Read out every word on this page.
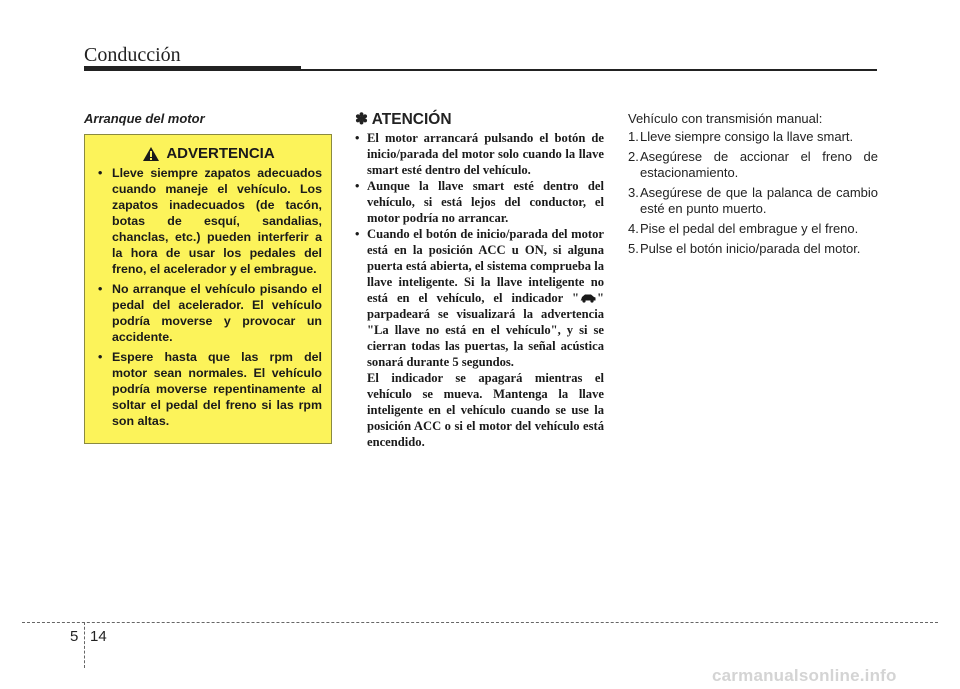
Conducción
Arranque del motor
ADVERTENCIA
• Lleve siempre zapatos adecuados cuando maneje el vehículo. Los zapatos inadecuados (de tacón, botas de esquí, sandalias, chanclas, etc.) pueden interferir a la hora de usar los pedales del freno, el acelerador y el embrague.
• No arranque el vehículo pisando el pedal del acelerador. El vehículo podría moverse y provocar un accidente.
• Espere hasta que las rpm del motor sean normales. El vehículo podría moverse repentinamente al soltar el pedal del freno si las rpm son altas.
✽ ATENCIÓN
• El motor arrancará pulsando el botón de inicio/parada del motor solo cuando la llave smart esté dentro del vehículo.
• Aunque la llave smart esté dentro del vehículo, si está lejos del conductor, el motor podría no arrancar.
• Cuando el botón de inicio/parada del motor está en la posición ACC u ON, si alguna puerta está abierta, el sistema comprueba la llave inteligente. Si la llave inteligente no está en el vehículo, el indicador " " parpadeará se visualizará la advertencia "La llave no está en el vehículo", y si se cierran todas las puertas, la señal acústica sonará durante 5 segundos.
El indicador se apagará mientras el vehículo se mueva. Mantenga la llave inteligente en el vehículo cuando se use la posición ACC o si el motor del vehículo está encendido.
Vehículo con transmisión manual:
1. Lleve siempre consigo la llave smart.
2. Asegúrese de accionar el freno de estacionamiento.
3. Asegúrese de que la palanca de cambio esté en punto muerto.
4. Pise el pedal del embrague y el freno.
5. Pulse el botón inicio/parada del motor.
5 14
carmanualsonline.info
